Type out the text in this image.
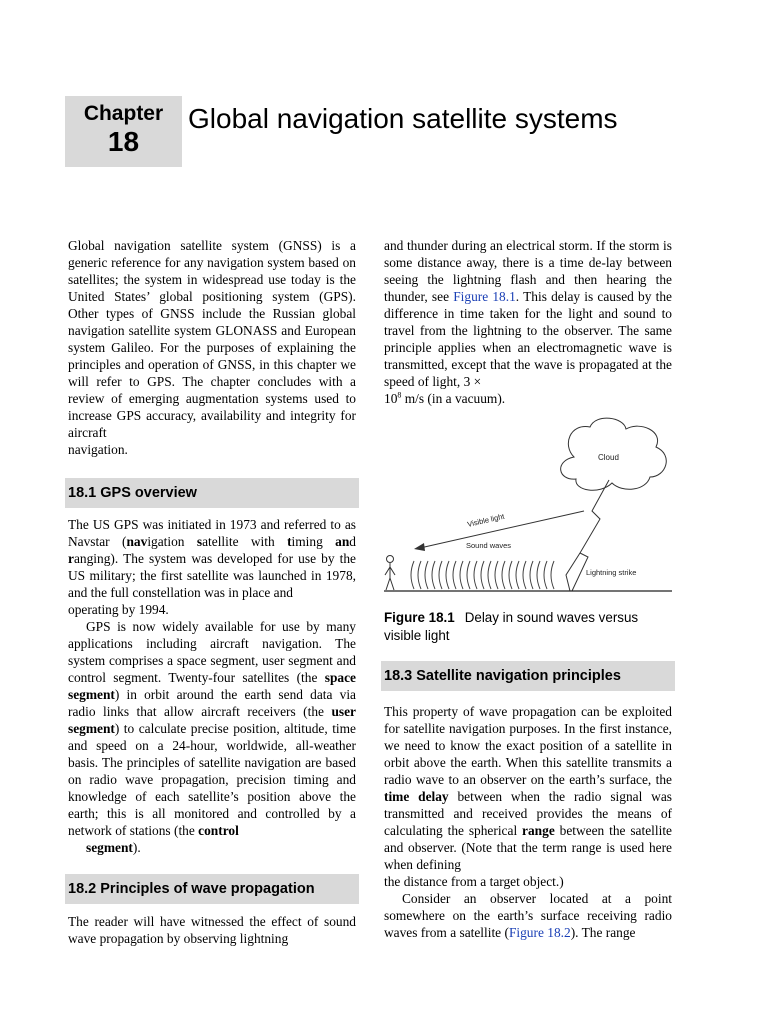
Chapter
18
Global navigation satellite systems

Global navigation satellite system (GNSS) is a generic reference for any navigation system based on satellites; the system in widespread use today is the United States’ global positioning system (GPS). Other types of GNSS include the Russian global navigation satellite system GLONASS and European system Galileo. For the purposes of explaining the principles and operation of GNSS, in this chapter we will refer to GPS. The chapter concludes with a review of emerging augmentation systems used to increase GPS accuracy, availability and integrity for aircraft
navigation.

18.1 GPS overview

The US GPS was initiated in 1973 and referred to as Navstar (navigation satellite with timing and ranging). The system was developed for use by the US military; the first satellite was launched in 1978, and the full constellation was in place and
operating by 1994.

GPS is now widely available for use by many applications including aircraft navigation. The system comprises a space segment, user segment and control segment. Twenty-four satellites (the space segment) in orbit around the earth send data via radio links that allow aircraft receivers (the user segment) to calculate precise position, altitude, time and speed on a 24-hour, worldwide, all-weather basis. The principles of satellite navigation are based on radio wave propagation, precision timing and knowledge of each satellite’s position above the earth; this is all monitored and controlled by a network of stations (the control
segment).

18.2 Principles of wave propagation

The reader will have witnessed the effect of sound wave propagation by observing lightning

and thunder during an electrical storm. If the storm is some distance away, there is a time de-lay between seeing the lightning flash and then hearing the thunder, see Figure 18.1. This delay is caused by the difference in time taken for the light and sound to travel from the lightning to the observer. The same principle applies when an electromagnetic wave is transmitted, except that the wave is propagated at the speed of light, 3 ×
$10^8$ m/s (in a vacuum).

Cloud
Visible light
Sound waves
Lightning strike
Figure 18.1 Delay in sound waves versus visible light
18.3 Satellite navigation principles

This property of wave propagation can be exploited for satellite navigation purposes. In the first instance, we need to know the exact position of a satellite in orbit above the earth. When this satellite transmits a radio wave to an observer on the earth’s surface, the time delay between when the radio signal was transmitted and received provides the means of calculating the spherical range between the satellite and observer. (Note that the term range is used here when defining
the distance from a target object.)

Consider an observer located at a point somewhere on the earth’s surface receiving radio waves from a satellite (Figure 18.2). The range
